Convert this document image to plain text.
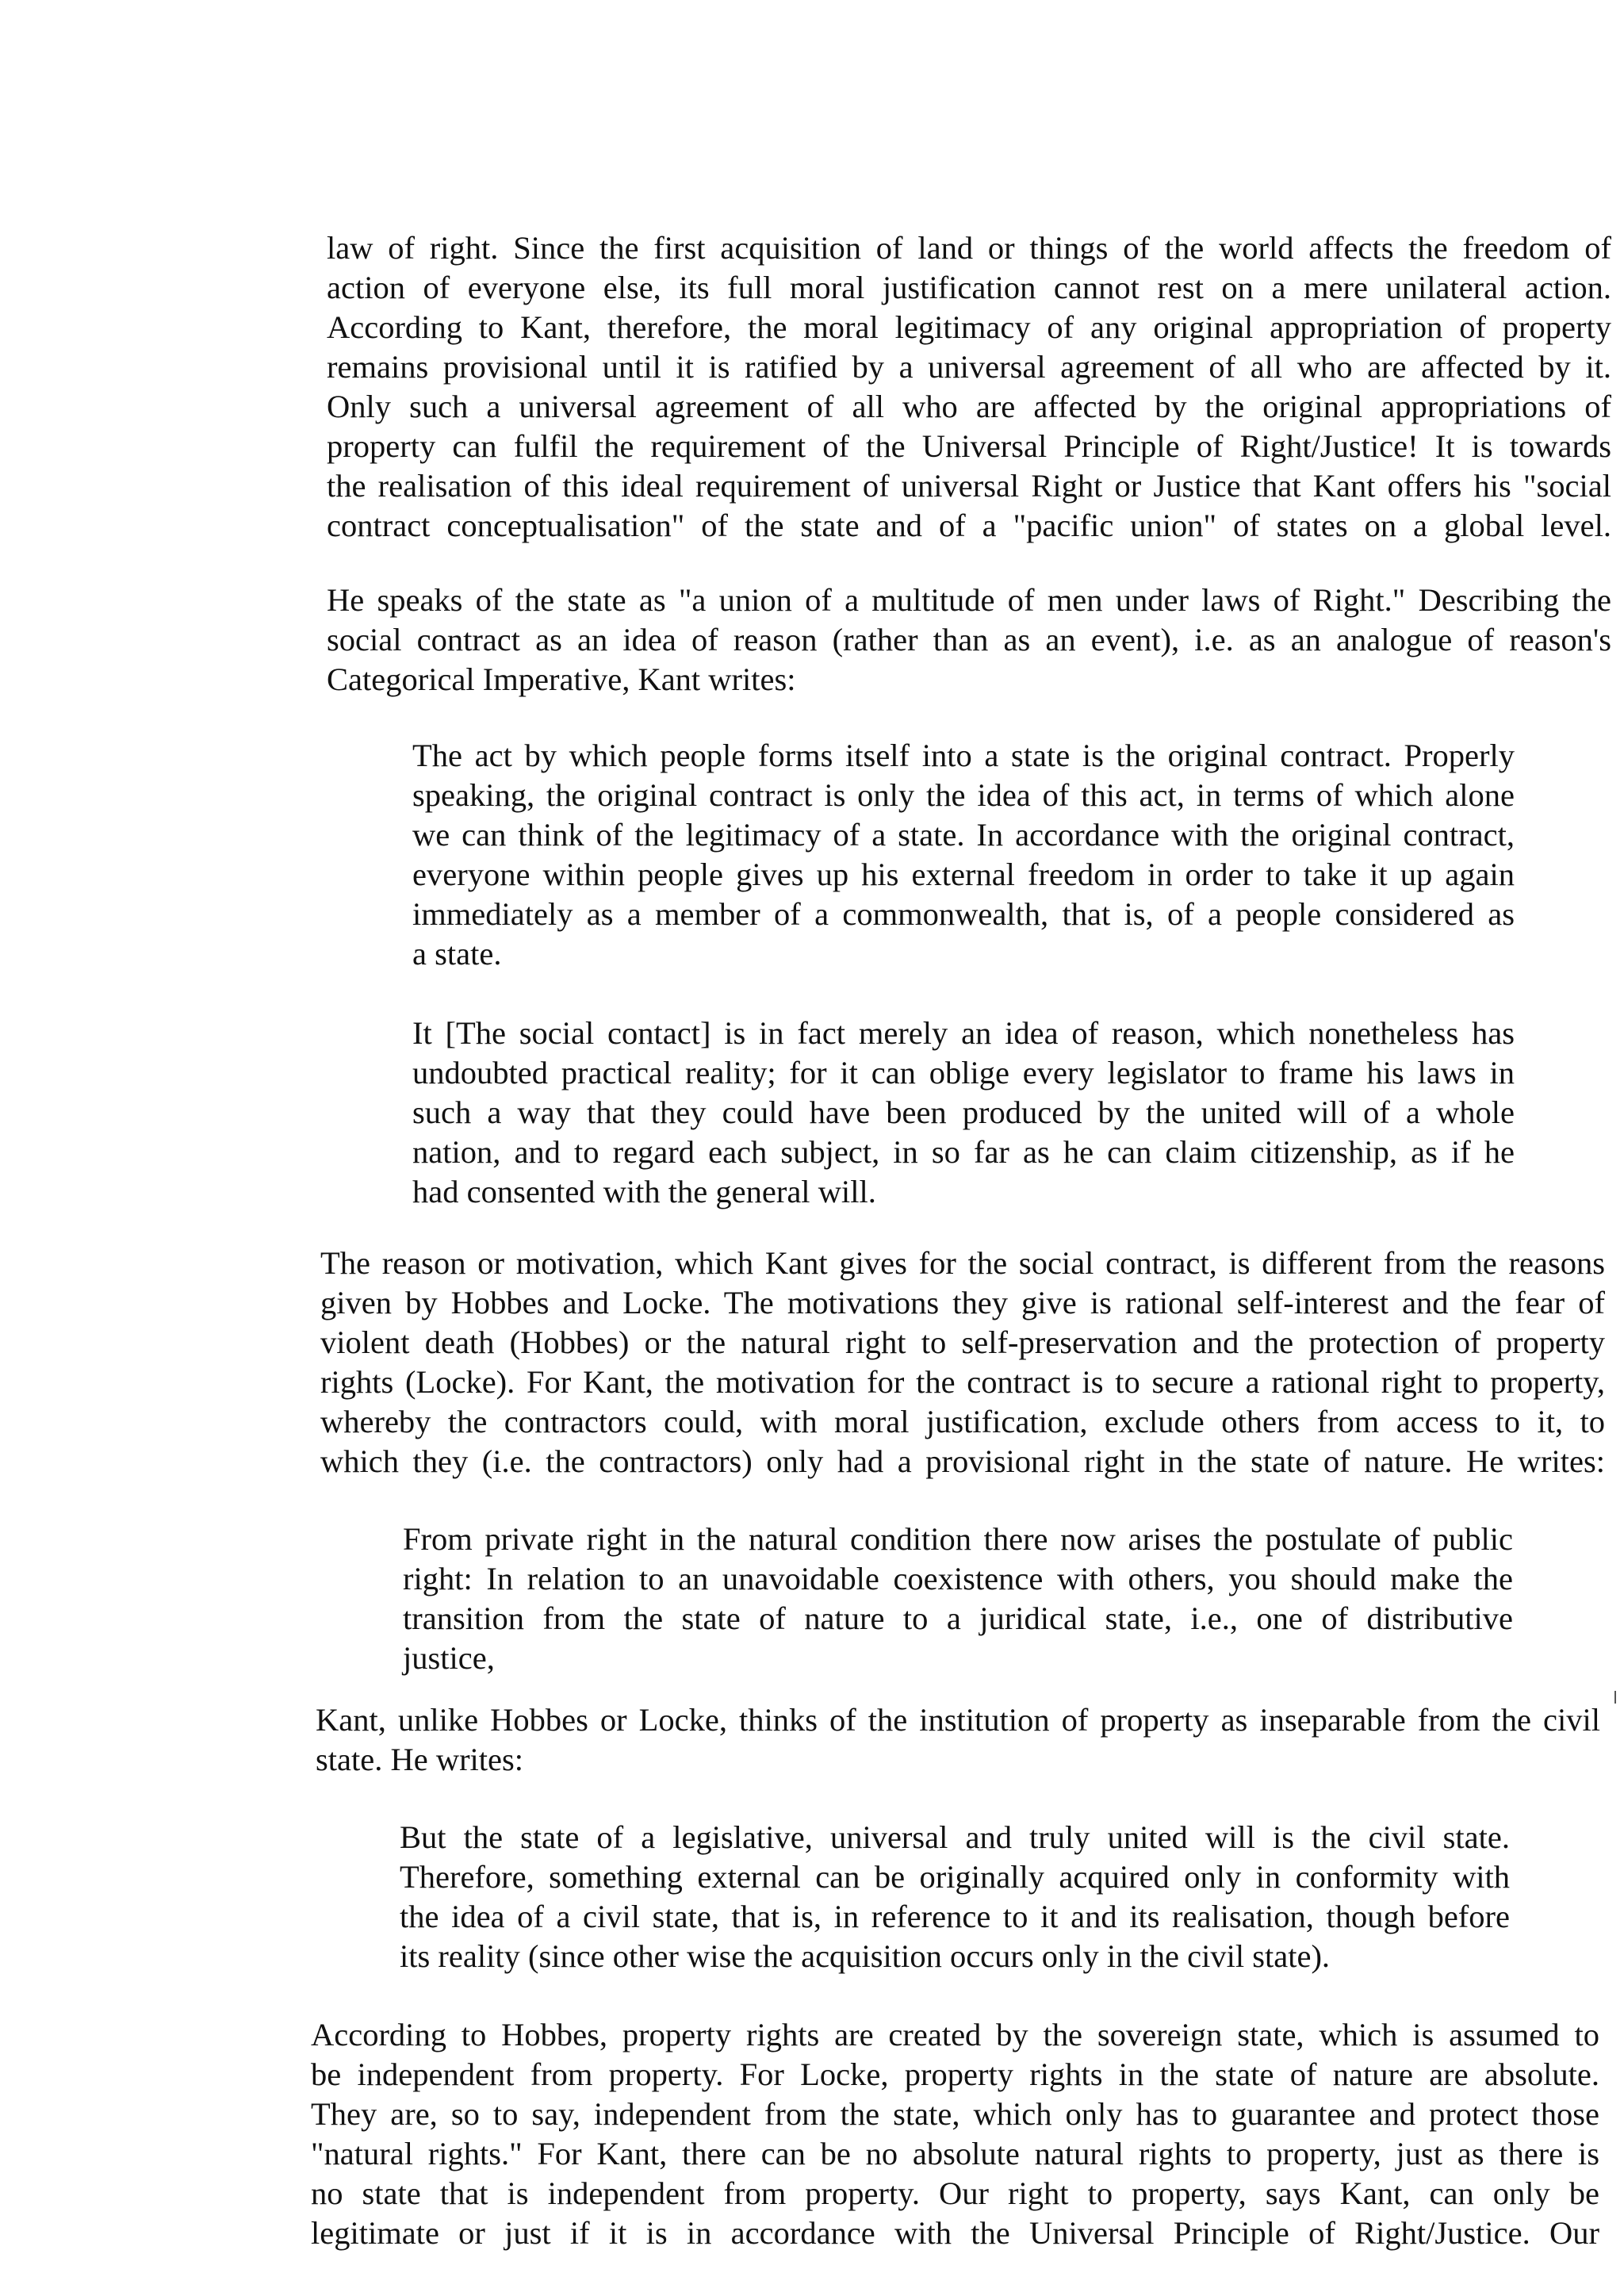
law of right. Since the first acquisition of land or things of the world affects the freedom of
action of everyone else, its full moral justification cannot rest on a mere unilateral action.
According to Kant, therefore, the moral legitimacy of any original appropriation of property
remains provisional until it is ratified by a universal agreement of all who are affected by it.
Only such a universal agreement of all who are affected by the original appropriations of
property can fulfil the requirement of the Universal Principle of Right/Justice! It is towards
the realisation of this ideal requirement of universal Right or Justice that Kant offers his "social
contract conceptualisation" of the state and of a "pacific union" of states on a global level.
He speaks of the state as "a union of a multitude of men under laws of Right." Describing the
social contract as an idea of reason (rather than as an event), i.e. as an analogue of reason's
Categorical Imperative, Kant writes:
The act by which people forms itself into a state is the original contract. Properly
speaking, the original contract is only the idea of this act, in terms of which alone
we can think of the legitimacy of a state. In accordance with the original contract,
everyone within people gives up his external freedom in order to take it up again
immediately as a member of a commonwealth, that is, of a people considered as
a state.
It [The social contact] is in fact merely an idea of reason, which nonetheless has
undoubted practical reality; for it can oblige every legislator to frame his laws in
such a way that they could have been produced by the united will of a whole
nation, and to regard each subject, in so far as he can claim citizenship, as if he
had consented with the general will.
The reason or motivation, which Kant gives for the social contract, is different from the reasons
given by Hobbes and Locke. The motivations they give is rational self-interest and the fear of
violent death (Hobbes) or the natural right to self-preservation and the protection of property
rights (Locke). For Kant, the motivation for the contract is to secure a rational right to property,
whereby the contractors could, with moral justification, exclude others from access to it, to
which they (i.e. the contractors) only had a provisional right in the state of nature. He writes:
From private right in the natural condition there now arises the postulate of public
right: In relation to an unavoidable coexistence with others, you should make the
transition from the state of nature to a juridical state, i.e., one of distributive
justice,
Kant, unlike Hobbes or Locke, thinks of the institution of property as inseparable from the civil
state. He writes:
But the state of a legislative, universal and truly united will is the civil state.
Therefore, something external can be originally acquired only in conformity with
the idea of a civil state, that is, in reference to it and its realisation, though before
its reality (since other wise the acquisition occurs only in the civil state).
According to Hobbes, property rights are created by the sovereign state, which is assumed to
be independent from property. For Locke, property rights in the state of nature are absolute.
They are, so to say, independent from the state, which only has to guarantee and protect those
"natural rights." For Kant, there can be no absolute natural rights to property, just as there is
no state that is independent from property. Our right to property, says Kant, can only be
legitimate or just if it is in accordance with the Universal Principle of Right/Justice. Our
